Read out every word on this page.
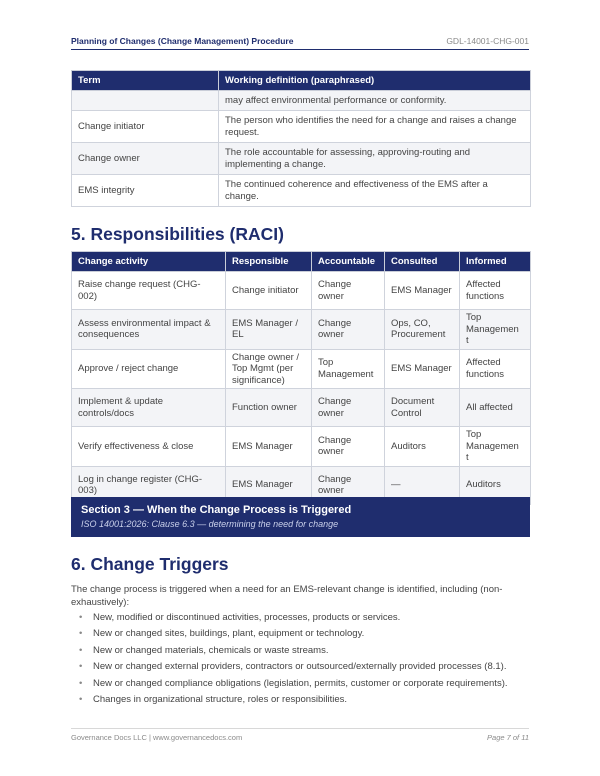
Planning of Changes (Change Management) Procedure	GDL-14001-CHG-001
Term	Working definition (paraphrased)
	may affect environmental performance or conformity.
Change initiator	The person who identifies the need for a change and raises a change request.
Change owner	The role accountable for assessing, approving-routing and implementing a change.
EMS integrity	The continued coherence and effectiveness of the EMS after a change.
5. Responsibilities (RACI)
Change activity	Responsible	Accountable	Consulted	Informed
Raise change request (CHG-002)	Change initiator	Change owner	EMS Manager	Affected functions
Assess environmental impact & consequences	EMS Manager / EL	Change owner	Ops, CO, Procurement	Top Managemen t
Approve / reject change	Change owner / Top Mgmt (per significance)	Top Management	EMS Manager	Affected functions
Implement & update controls/docs	Function owner	Change owner	Document Control	All affected
Verify effectiveness & close	EMS Manager	Change owner	Auditors	Top Managemen t
Log in change register (CHG-003)	EMS Manager	Change owner	—	Auditors
Section 3 — When the Change Process is Triggered
ISO 14001:2026: Clause 6.3 — determining the need for change
6. Change Triggers

The change process is triggered when a need for an EMS-relevant change is identified, including (non-exhaustively):

• New, modified or discontinued activities, processes, products or services.
• New or changed sites, buildings, plant, equipment or technology.
• New or changed materials, chemicals or waste streams.
• New or changed external providers, contractors or outsourced/externally provided processes (8.1).
• New or changed compliance obligations (legislation, permits, customer or corporate requirements).
• Changes in organizational structure, roles or responsibilities.
Governance Docs LLC | www.governancedocs.com	Page 7 of 11
